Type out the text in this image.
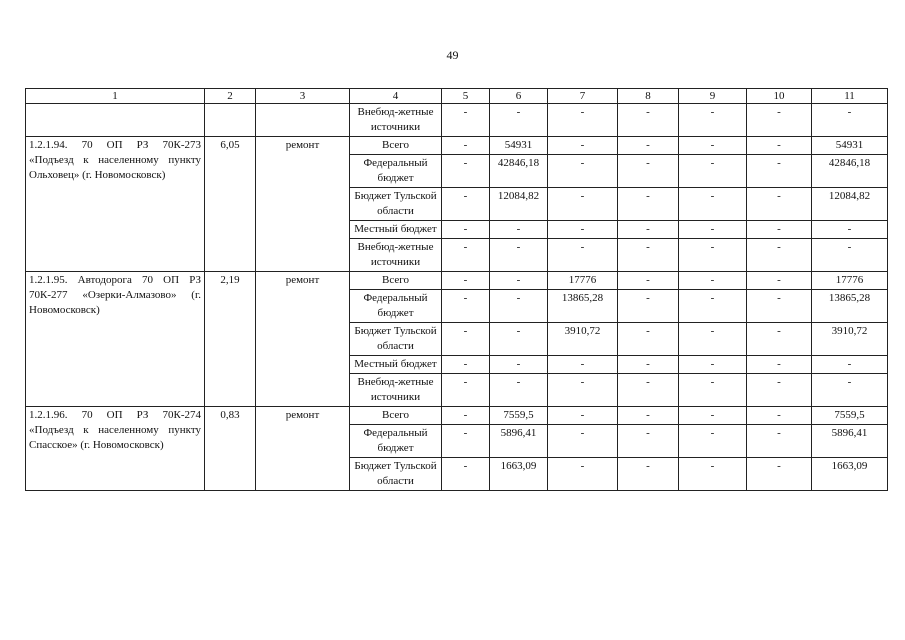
49
1	2	3	4	5	6	7	8	9	10	11
			Внебюд-жетные источники	-	-	-	-	-	-	-
1.2.1.94. 70 ОП РЗ 70К-273 «Подъезд к населенному пункту Ольховец» (г. Новомосковск)	6,05	ремонт	Всего	-	54931	-	-	-	-	54931
			Федеральный бюджет	-	42846,18	-	-	-	-	42846,18
			Бюджет Тульской области	-	12084,82	-	-	-	-	12084,82
			Местный бюджет	-	-	-	-	-	-	-
			Внебюд-жетные источники	-	-	-	-	-	-	-
1.2.1.95. Автодорога 70 ОП РЗ 70К-277 «Озерки-Алмазово» (г. Новомосковск)	2,19	ремонт	Всего	-	-	17776	-	-	-	17776
			Федеральный бюджет	-	-	13865,28	-	-	-	13865,28
			Бюджет Тульской области	-	-	3910,72	-	-	-	3910,72
			Местный бюджет	-	-	-	-	-	-	-
			Внебюд-жетные источники	-	-	-	-	-	-	-
1.2.1.96. 70 ОП РЗ 70К-274 «Подъезд к населенному пункту Спасское» (г. Новомосковск)	0,83	ремонт	Всего	-	7559,5	-	-	-	-	7559,5
			Федеральный бюджет	-	5896,41	-	-	-	-	5896,41
			Бюджет Тульской области	-	1663,09	-	-	-	-	1663,09
